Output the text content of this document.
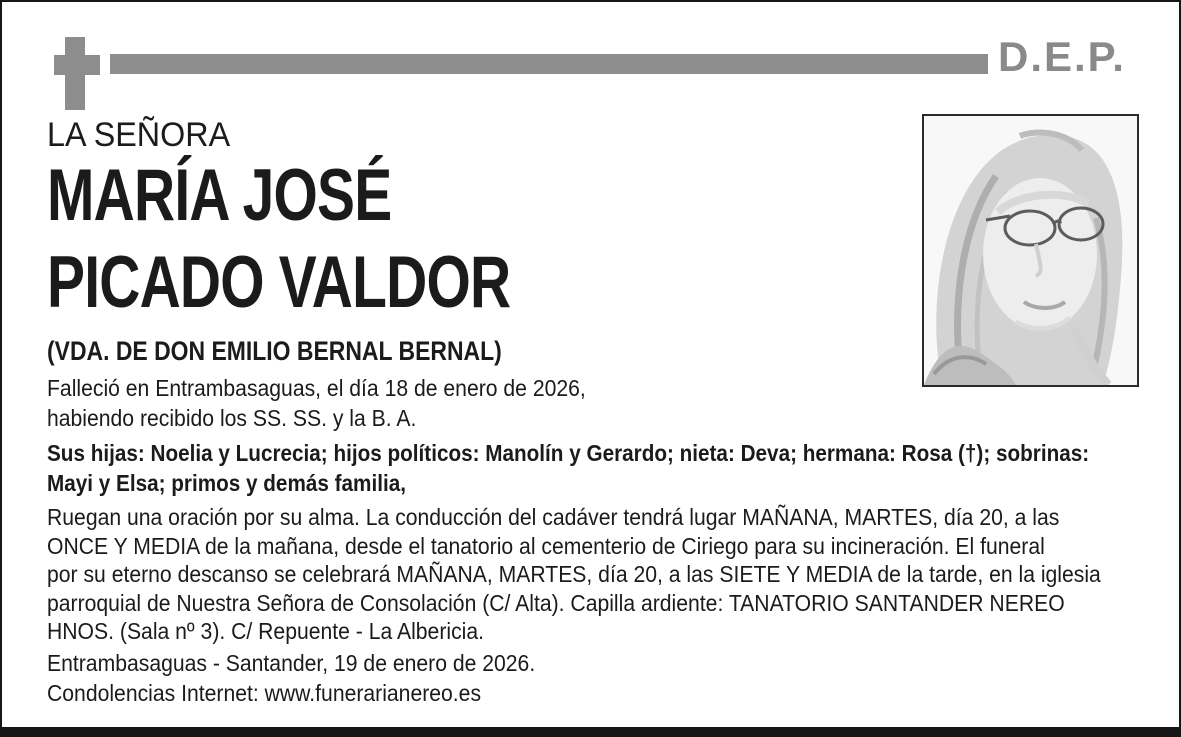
D.E.P.
LA SEÑORA
MARÍA JOSÉ
PICADO VALDOR
(VDA. DE DON EMILIO BERNAL BERNAL)
Falleció en Entrambasaguas, el día 18 de enero de 2026,
habiendo recibido los SS. SS. y la B. A.
Sus hijas: Noelia y Lucrecia; hijos políticos: Manolín y Gerardo; nieta: Deva; hermana: Rosa (†); sobrinas:
Mayi y Elsa; primos y demás familia,
Ruegan una oración por su alma. La conducción del cadáver tendrá lugar MAÑANA, MARTES, día 20, a las
ONCE Y MEDIA de la mañana, desde el tanatorio al cementerio de Ciriego para su incineración. El funeral
por su eterno descanso se celebrará MAÑANA, MARTES, día 20, a las SIETE Y MEDIA de la tarde, en la iglesia
parroquial de Nuestra Señora de Consolación (C/ Alta). Capilla ardiente: TANATORIO SANTANDER NEREO
HNOS. (Sala nº 3). C/ Repuente - La Albericia.
Entrambasaguas - Santander, 19 de enero de 2026.
Condolencias Internet: www.funerarianereo.es
